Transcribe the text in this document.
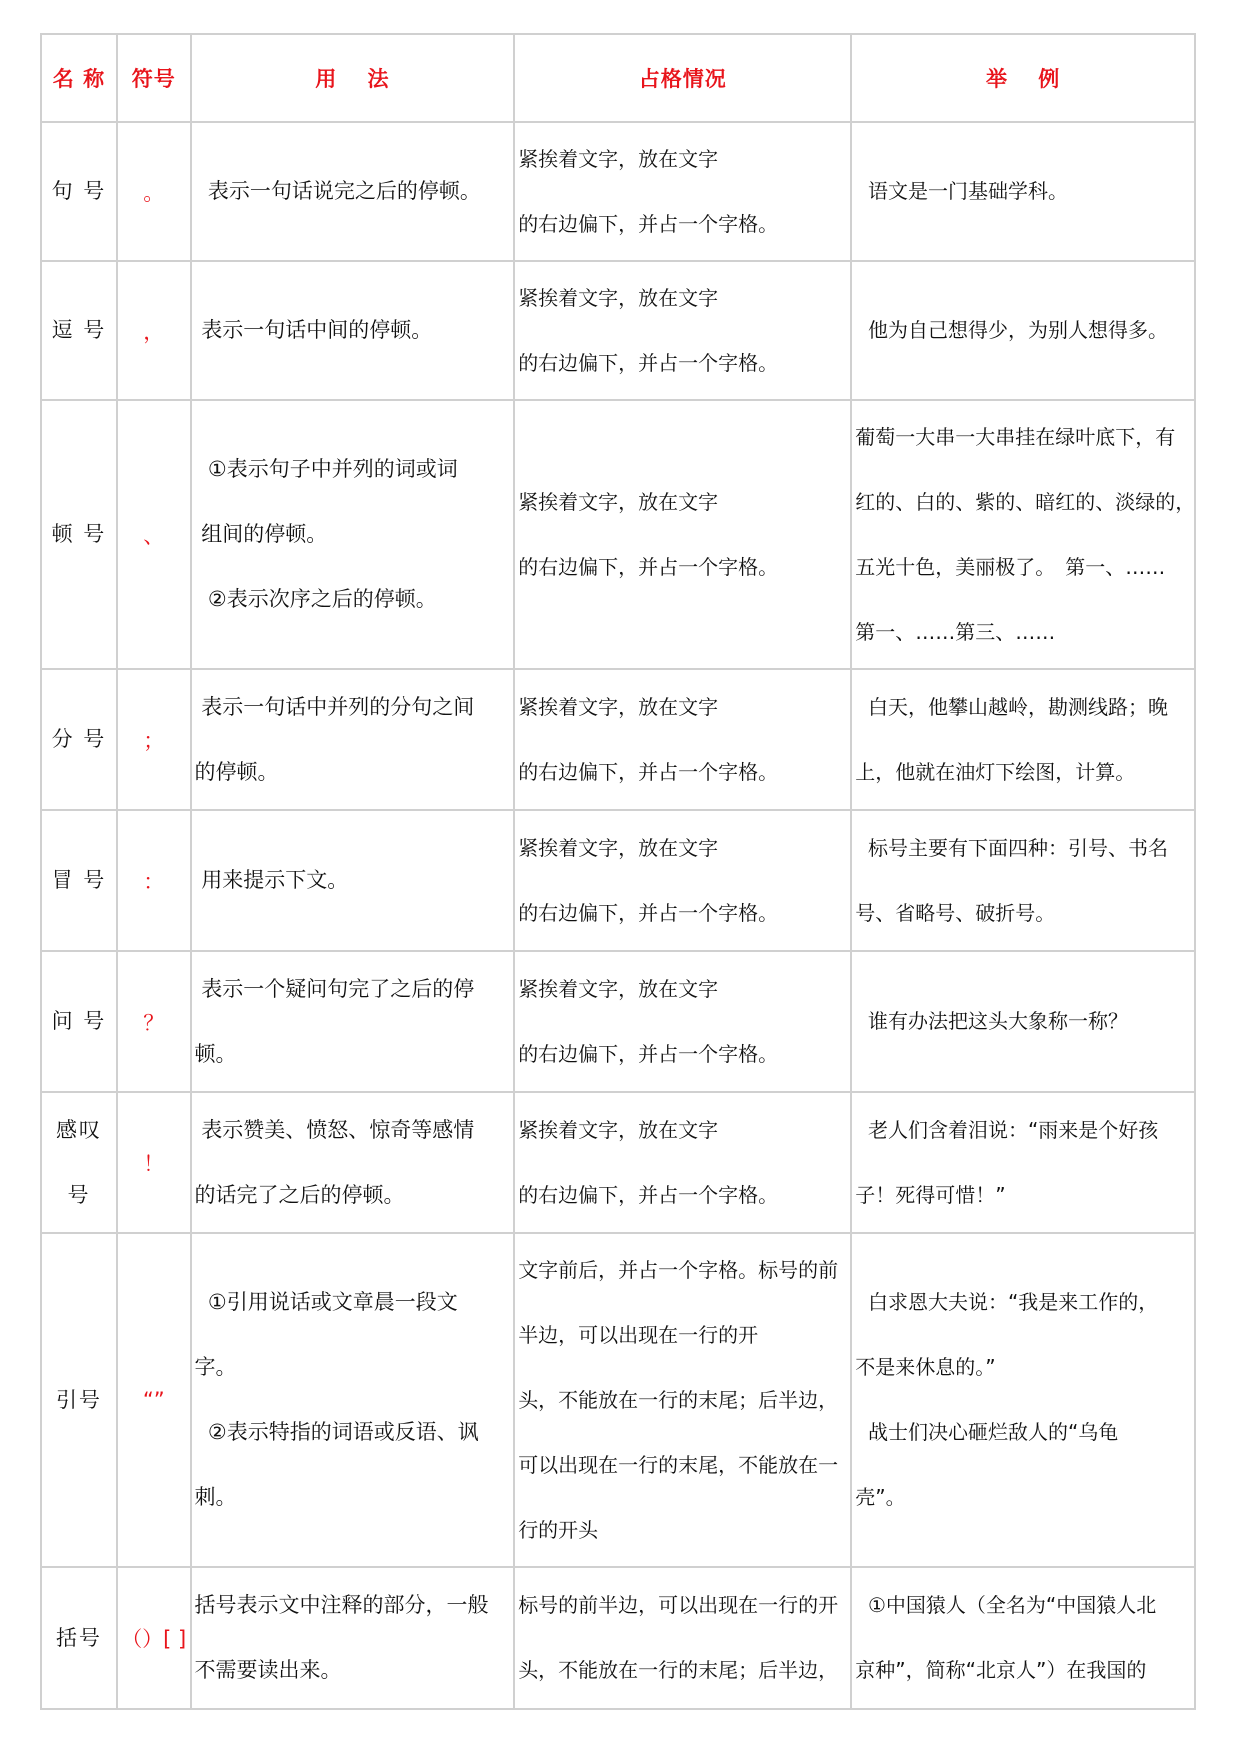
名 称	符号	用　 法	占格情况	举　 例

句 号	。	表示一句话说完之后的停顿。	紧挨着文字，放在文字
的右边偏下，并占一个字格。	语文是一门基础学科。

逗 号	，	表示一句话中间的停顿。	紧挨着文字，放在文字
的右边偏下，并占一个字格。	他为自己想得少，为别人想得多。

顿 号	、	①表示句子中并列的词或词
组间的停顿。
②表示次序之后的停顿。	紧挨着文字，放在文字
的右边偏下，并占一个字格。	葡萄一大串一大串挂在绿叶底下，有
红的、白的、紫的、暗红的、淡绿的，
五光十色，美丽极了。　第一、……
第一、……第三、……

分 号	；	表示一句话中并列的分句之间
的停顿。	紧挨着文字，放在文字
的右边偏下，并占一个字格。	白天，他攀山越岭，勘测线路；晚
上，他就在油灯下绘图，计算。

冒 号	：	用来提示下文。	紧挨着文字，放在文字
的右边偏下，并占一个字格。	标号主要有下面四种：引号、书名
号、省略号、破折号。

问 号	？	表示一个疑问句完了之后的停
顿。	紧挨着文字，放在文字
的右边偏下，并占一个字格。	谁有办法把这头大象称一称？

感叹
号	！	表示赞美、愤怒、惊奇等感情
的话完了之后的停顿。	紧挨着文字，放在文字
的右边偏下，并占一个字格。	老人们含着泪说：“雨来是个好孩
子！死得可惜！”

引号	“”	①引用说话或文章晨一段文
字。
②表示特指的词语或反语、讽
刺。	文字前后，并占一个字格。标号的前
半边，可以出现在一行的开
头，不能放在一行的末尾；后半边，
可以出现在一行的末尾，不能放在一
行的开头	白求恩大夫说：“我是来工作的，
不是来休息的。”
战士们决心砸烂敌人的“乌龟
壳”。

括号	（）[ ]	括号表示文中注释的部分，一般
不需要读出来。	标号的前半边，可以出现在一行的开
头，不能放在一行的末尾；后半边，	①中国猿人（全名为“中国猿人北
京种”，简称“北京人”）在我国的
